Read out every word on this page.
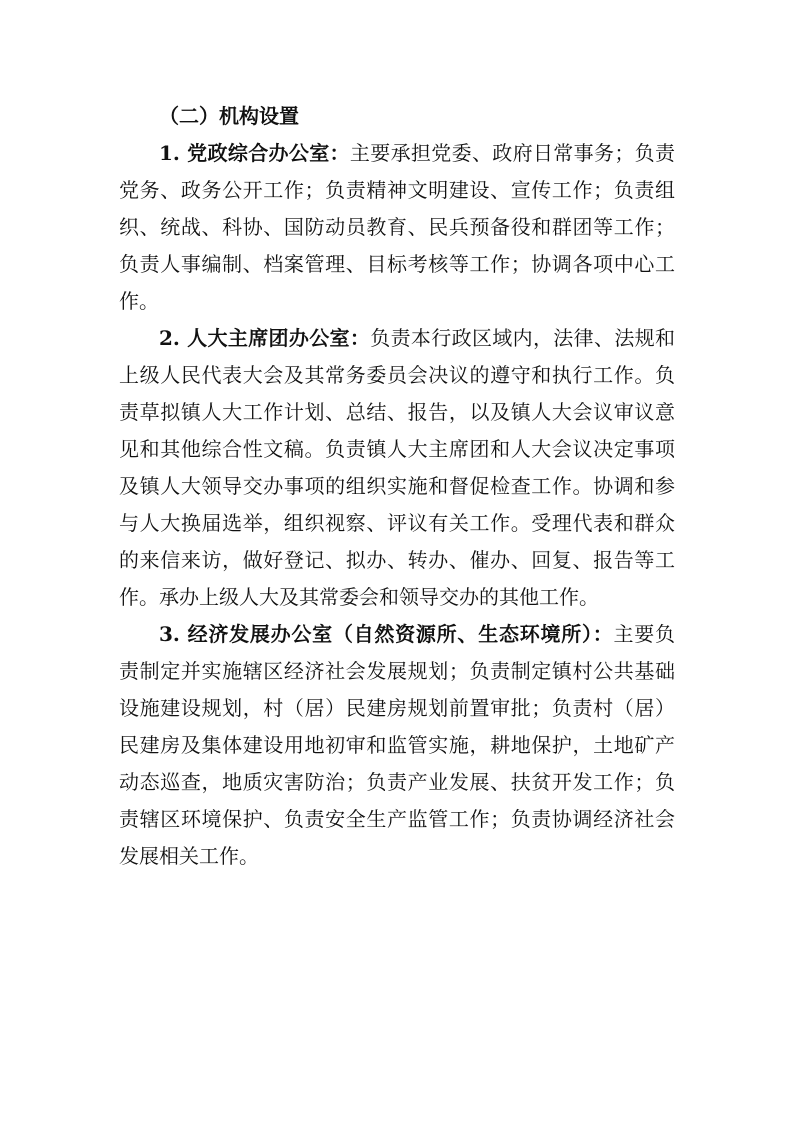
（二）机构设置

1. 党政综合办公室：主要承担党委、政府日常事务；负责党务、政务公开工作；负责精神文明建设、宣传工作；负责组织、统战、科协、国防动员教育、民兵预备役和群团等工作；负责人事编制、档案管理、目标考核等工作；协调各项中心工作。

2. 人大主席团办公室：负责本行政区域内，法律、法规和上级人民代表大会及其常务委员会决议的遵守和执行工作。负责草拟镇人大工作计划、总结、报告，以及镇人大会议审议意见和其他综合性文稿。负责镇人大主席团和人大会议决定事项及镇人大领导交办事项的组织实施和督促检查工作。协调和参与人大换届选举，组织视察、评议有关工作。受理代表和群众的来信来访，做好登记、拟办、转办、催办、回复、报告等工作。承办上级人大及其常委会和领导交办的其他工作。

3. 经济发展办公室（自然资源所、生态环境所）：主要负责制定并实施辖区经济社会发展规划；负责制定镇村公共基础设施建设规划，村（居）民建房规划前置审批；负责村（居）民建房及集体建设用地初审和监管实施，耕地保护，土地矿产动态巡查，地质灾害防治；负责产业发展、扶贫开发工作；负责辖区环境保护、负责安全生产监管工作；负责协调经济社会发展相关工作。
